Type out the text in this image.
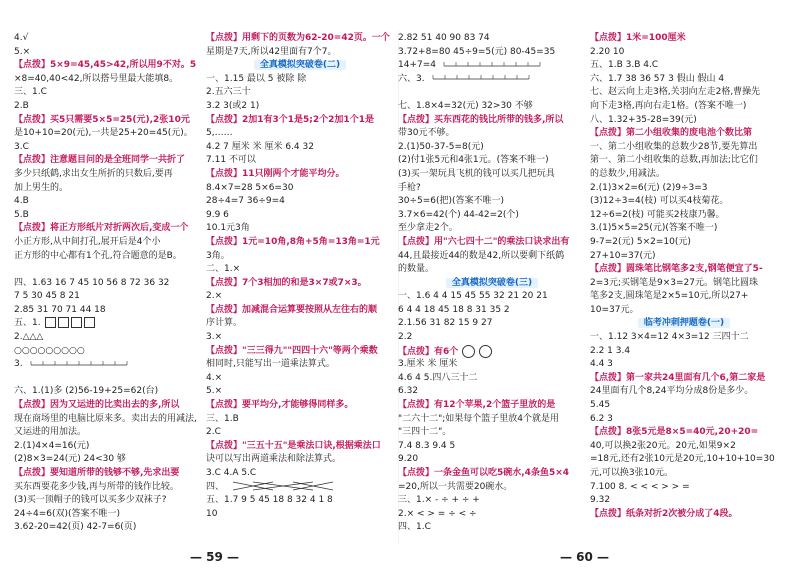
4.√
5.×
【点拨】5×9=45,45>42,所以用9不对。5
×8=40,40<42,所以搭号里最大能填8。
三、1.C
2.B
【点拨】买5只需要5×5=25(元),2张10元
是10+10=20(元),一共是25+20=45(元)。
3.C
【点拨】注意题目问的是全班同学一共折了
多少只纸鹤,求出女生所折的只数后,要再
加上男生的。
4.B
5.B
【点拨】将正方形纸片对折两次后,变成一个
小正方形,从中间打孔,展开后是4个小
正方形的中心都有1个孔,符合题意的是B。
四、1.63 16 7 45 10 56 8 72 36 32
7 5 30 45 8 21
2.85 31 70 71 44 18
五、1.
2.△△△
○○○○○○○○○
3.
六、1.(1)多 (2)56-19+25=62(台)
【点拨】因为又运进的比卖出去的多,所以
现在商场里的电脑比原来多。卖出去的用减法,
又运进的用加法。
2.(1)4×4=16(元)
(2)8×3=24(元) 24<30 够
【点拨】要知道所带的钱够不够,先求出要
买东西要花多少钱,再与所带的钱作比较。
(3)买一顶帽子的钱可以买多少双袜子?
24÷4=6(双)(答案不唯一)
3.62-20=42(页) 42-7=6(页)
【点拨】用剩下的页数为62-20=42页。一个
星期是7天,所以42里面有7个7。
全真模拟突破卷(二)
一、1.15 最以 5 被除 除
2.五六三十
3.2 3(或2 1)
【点拨】2加1有3个1是5;2个2加1个1是
5,……
4.2 7 厘米 米 厘米 6.4 32
7.11 不可以
【点拨】11只刚两个才能平均分。
8.4×7=28 5×6=30
28÷4=7 36÷9=4
9.9 6
10.1元3角
【点拨】1元=10角,8角+5角=13角=1元
3角。
二、1.×
【点拨】7个3相加的和是3×7或7×3。
2.×
【点拨】加减混合运算要按照从左往右的顺
序计算。
3.×
【点拨】"三三得九""四四十六"等两个乘数
相同时,只能写出一道乘法算式。
4.×
5.×
【点拨】要平均分,才能够得同样多。
三、1.B
2.C
【点拨】"三五十五"是乘法口诀,根据乘法口
诀可以写出两道乘法和除法算式。
3.C 4.A 5.C
四、
五、1.7 9 5 45 18 8 32 4 1 8
10
2.82 51 40 90 83 74
3.72+8=80 45÷9=5(元) 80-45=35
14+7=4
六、3.
七、1.8×4=32(元) 32>30 不够
【点拨】买东西花的钱比所带的钱多,所以
带30元不够。
2.(1)50-37-5=8(元)
(2)付1张5元和4张1元。(答案不唯一)
(3)买一架玩具飞机的钱可以买几把玩具
手枪?
30÷5=6(把)(答案不唯一)
3.7×6=42(个) 44-42=2(个)
至少拿走2个。
【点拨】用"六七四十二"的乘法口诀求出有
44,且最接近44的数是42,所以要剩下纸鹤
的数量。
全真模拟突破卷(三)
一、1.6 4 4 15 45 55 32 21 20 21
6 4 4 18 45 18 8 31 35 2
2.1.56 31 82 15 9 27
2.2
【点拨】有6个
3.厘米 米 厘米
4.6 4 5.四八三十二
6.32
【点拨】有12个苹果,2个篮子里放的是
"二六十二";如果每个篮子里放4个就是用
"三四十二"。
7.4 8.3 9.4 5
9.20
【点拨】一条金鱼可以吃5碗水,4条鱼5×4
=20,所以一共需要20碗水。
三、1.× - ÷ + ÷ +
2.× < > = ÷ < ÷
四、1.C
【点拨】1米=100厘米
2.20 10
五、1.B 3.B 4.C
六、1.7 38 36 57 3 假山 假山 4
七、赵云向上走3格,关羽向左走2格,曹操先
向下走3格,再向右走1格。(答案不唯一)
八、1.32+35-28=39(元)
【点拨】第二小组收集的废电池个数比第
一、第二小组收集的总数少28节,要先算出
第一、第二小组收集的总数,再加法;比它们
的总数少,用减法。
2.(1)3×2=6(元) (2)9÷3=3
(3)12÷3=4(枝) 可以买4枝菊花。
12÷6=2(枝) 可能买2枝康乃馨。
3.(1)5×5=25(元)(答案不唯一)
9-7=2(元) 5×2=10(元)
27+10=37(元)
【点拨】圆珠笔比钢笔多2支,钢笔便宜了5-
2=3元;买钢笔是9×3=27元。钢笔比圆珠
笔多2支,圆珠笔是2×5=10元,所以27+
10=37元。
临考冲刺押题卷(一)
一、1.12 3×4=12 4×3=12 三四十二
2.2 1 3.4
4.4 3
【点拨】第一家共24里面有几个6,第二家是
24里面有几个8,24平均分成8份是多少。
5.45
6.2 3
【点拨】8张5元是8×5=40元,20+20=
40,可以换2张20元。20元,如果9×2
=18元,还有2张10元是20元,10+10+10=30
元,可以换3张10元。
7.100 8. < < < > > =
9.32
【点拨】纸条对折2次被分成了4段。
— 59 —	— 60 —
